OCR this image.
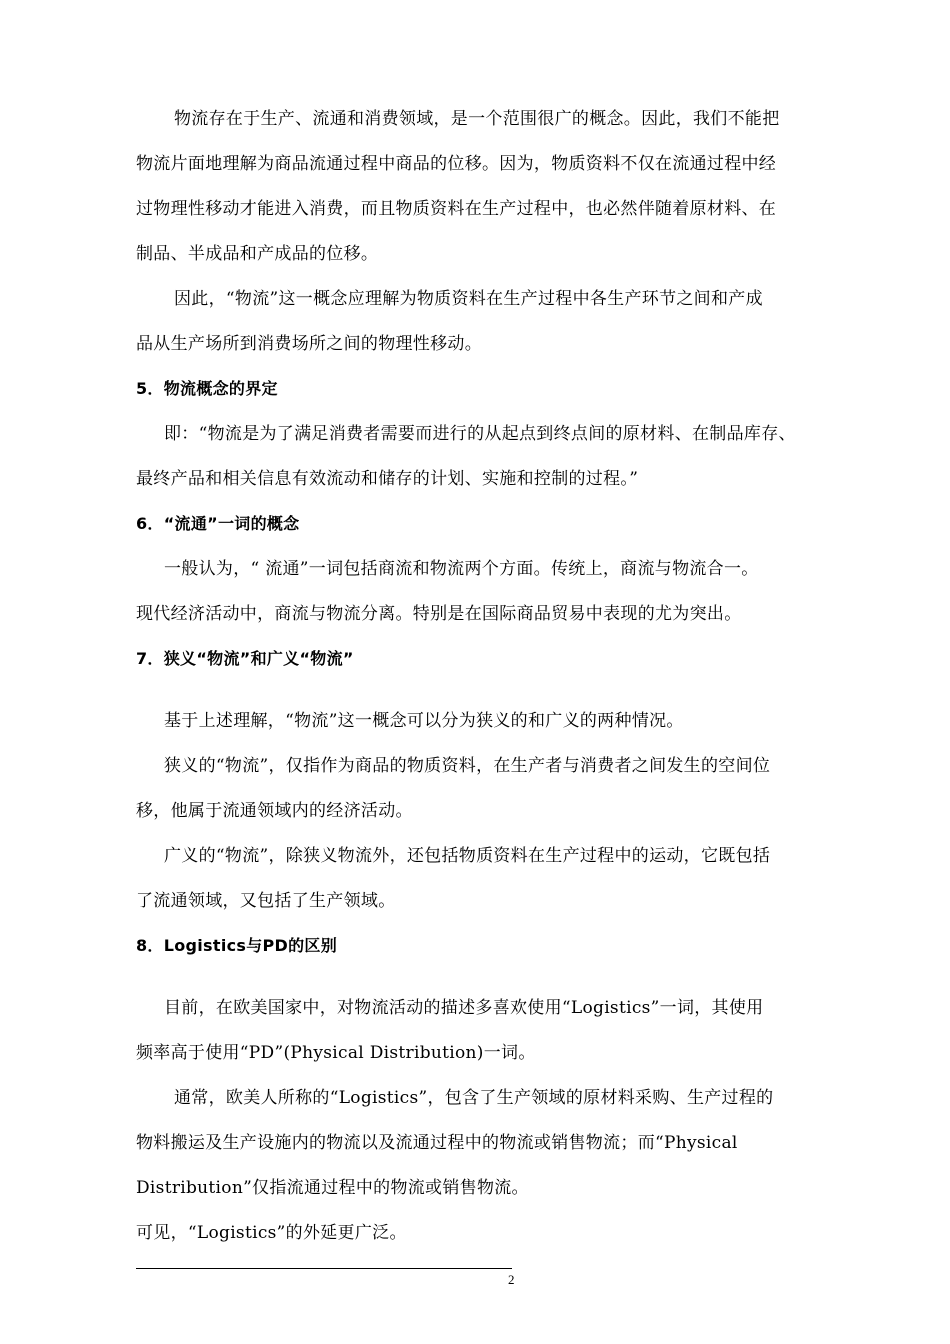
物流存在于生产、流通和消费领域，是一个范围很广的概念。因此，我们不能把
物流片面地理解为商品流通过程中商品的位移。因为，物质资料不仅在流通过程中经
过物理性移动才能进入消费，而且物质资料在生产过程中，也必然伴随着原材料、在
制品、半成品和产成品的位移。
因此，“物流”这一概念应理解为物质资料在生产过程中各生产环节之间和产成
品从生产场所到消费场所之间的物理性移动。
5．物流概念的界定
即：“物流是为了满足消费者需要而进行的从起点到终点间的原材料、在制品库存、
最终产品和相关信息有效流动和储存的计划、实施和控制的过程。”
6．“流通”一词的概念
一般认为，“ 流通”一词包括商流和物流两个方面。传统上，商流与物流合一。
现代经济活动中，商流与物流分离。特别是在国际商品贸易中表现的尤为突出。
7．狭义“物流”和广义“物流”
基于上述理解，“物流”这一概念可以分为狭义的和广义的两种情况。
狭义的“物流”，仅指作为商品的物质资料，在生产者与消费者之间发生的空间位
移，他属于流通领域内的经济活动。
广义的“物流”，除狭义物流外，还包括物质资料在生产过程中的运动，它既包括
了流通领域，又包括了生产领域。
8．Logistics与PD的区别
目前，在欧美国家中，对物流活动的描述多喜欢使用“Logistics”一词，其使用
频率高于使用“PD”(Physical Distribution)一词。
通常，欧美人所称的“Logistics”，包含了生产领域的原材料采购、生产过程的
物料搬运及生产设施内的物流以及流通过程中的物流或销售物流；而“Physical
Distribution”仅指流通过程中的物流或销售物流。
可见，“Logistics”的外延更广泛。
2
